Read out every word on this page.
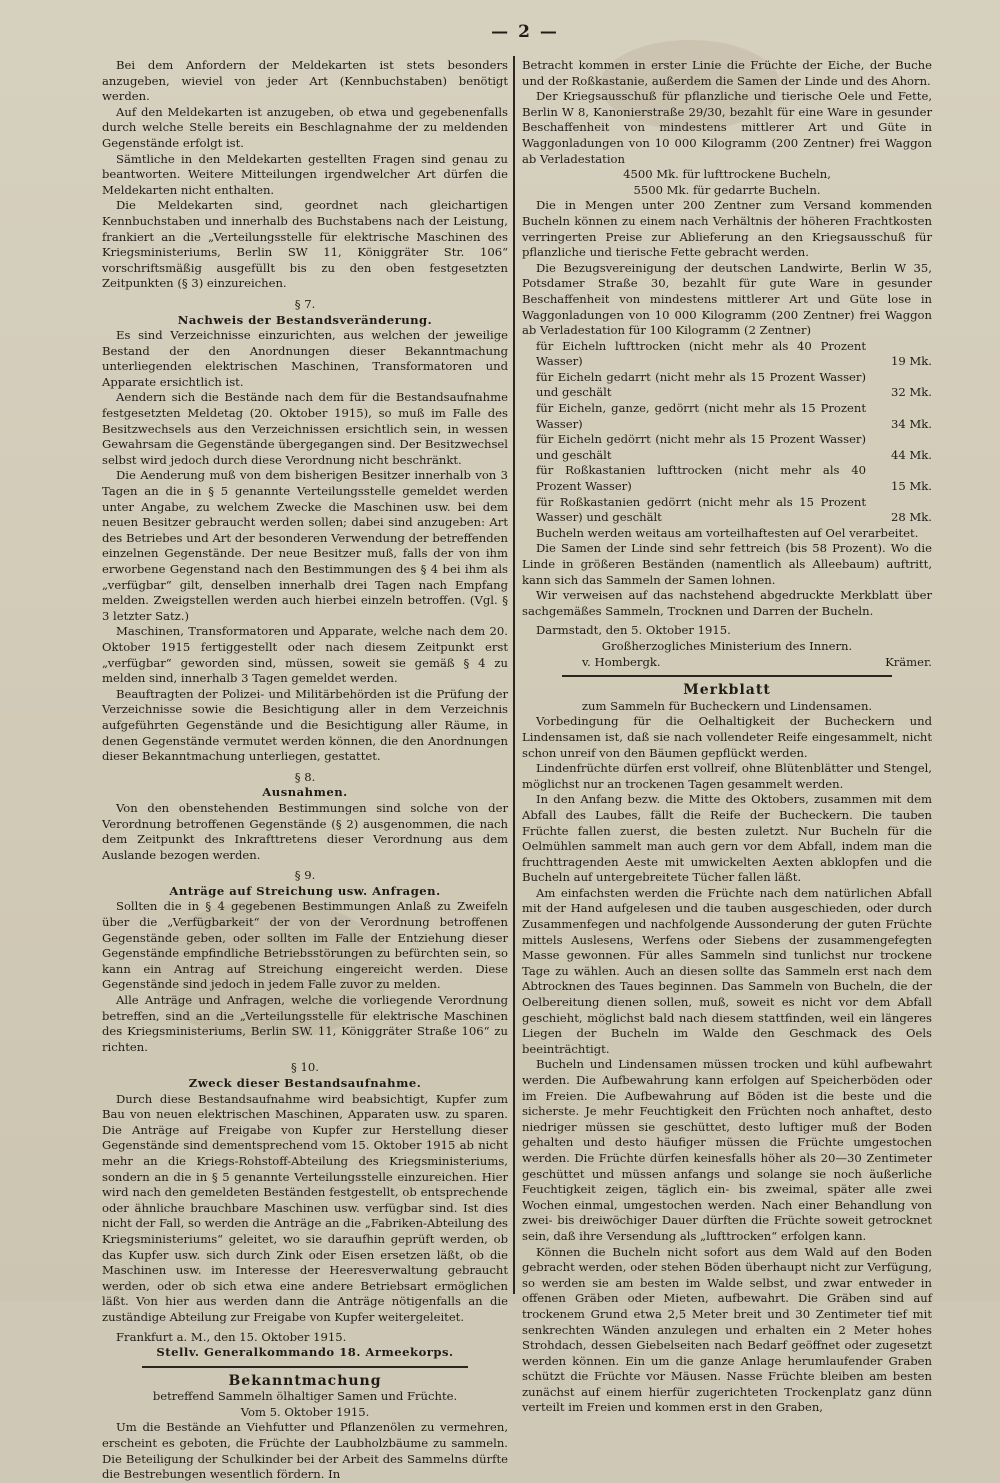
— 2 —

Bei dem Anfordern der Meldekarten ist stets besonders anzugeben, wieviel von jeder Art (Kennbuchstaben) benötigt werden.

Auf den Meldekarten ist anzugeben, ob etwa und gegebenenfalls durch welche Stelle bereits ein Beschlagnahme der zu meldenden Gegenstände erfolgt ist.

Sämtliche in den Meldekarten gestellten Fragen sind genau zu beantworten. Weitere Mitteilungen irgendwelcher Art dürfen die Meldekarten nicht enthalten.

Die Meldekarten sind, geordnet nach gleichartigen Kennbuchstaben und innerhalb des Buchstabens nach der Leistung, frankiert an die „Verteilungsstelle für elektrische Maschinen des Kriegsministeriums, Berlin SW 11, Königgräter Str. 106“ vorschriftsmäßig ausgefüllt bis zu den oben festgesetzten Zeitpunkten (§ 3) einzureichen.

§ 7.
Nachweis der Bestandsveränderung.

Es sind Verzeichnisse einzurichten, aus welchen der jeweilige Bestand der den Anordnungen dieser Bekanntmachung unterliegenden elektrischen Maschinen, Transformatoren und Apparate ersichtlich ist.

Aendern sich die Bestände nach dem für die Bestandsaufnahme festgesetzten Meldetag (20. Oktober 1915), so muß im Falle des Besitzwechsels aus den Verzeichnissen ersichtlich sein, in wessen Gewahrsam die Gegenstände übergegangen sind. Der Besitzwechsel selbst wird jedoch durch diese Verordnung nicht beschränkt.

Die Aenderung muß von dem bisherigen Besitzer innerhalb von 3 Tagen an die in § 5 genannte Verteilungsstelle gemeldet werden unter Angabe, zu welchem Zwecke die Maschinen usw. bei dem neuen Besitzer gebraucht werden sollen; dabei sind anzugeben: Art des Betriebes und Art der besonderen Verwendung der betreffenden einzelnen Gegenstände. Der neue Besitzer muß, falls der von ihm erworbene Gegenstand nach den Bestimmungen des § 4 bei ihm als „verfügbar“ gilt, denselben innerhalb drei Tagen nach Empfang melden. Zweigstellen werden auch hierbei einzeln betroffen. (Vgl. § 3 letzter Satz.)

Maschinen, Transformatoren und Apparate, welche nach dem 20. Oktober 1915 fertiggestellt oder nach diesem Zeitpunkt erst „verfügbar“ geworden sind, müssen, soweit sie gemäß § 4 zu melden sind, innerhalb 3 Tagen gemeldet werden.

Beauftragten der Polizei- und Militärbehörden ist die Prüfung der Verzeichnisse sowie die Besichtigung aller in dem Verzeichnis aufgeführten Gegenstände und die Besichtigung aller Räume, in denen Gegenstände vermutet werden können, die den Anordnungen dieser Bekanntmachung unterliegen, gestattet.

§ 8.
Ausnahmen.

Von den obenstehenden Bestimmungen sind solche von der Verordnung betroffenen Gegenstände (§ 2) ausgenommen, die nach dem Zeitpunkt des Inkrafttretens dieser Verordnung aus dem Auslande bezogen werden.

§ 9.
Anträge auf Streichung usw. Anfragen.

Sollten die in § 4 gegebenen Bestimmungen Anlaß zu Zweifeln über die „Verfügbarkeit“ der von der Verordnung betroffenen Gegenstände geben, oder sollten im Falle der Entziehung dieser Gegenstände empfindliche Betriebsstörungen zu befürchten sein, so kann ein Antrag auf Streichung eingereicht werden. Diese Gegenstände sind jedoch in jedem Falle zuvor zu melden.

Alle Anträge und Anfragen, welche die vorliegende Verordnung betreffen, sind an die „Verteilungsstelle für elektrische Maschinen des Kriegsministeriums, Berlin SW. 11, Königgräter Straße 106“ zu richten.

§ 10.
Zweck dieser Bestandsaufnahme.

Durch diese Bestandsaufnahme wird beabsichtigt, Kupfer zum Bau von neuen elektrischen Maschinen, Apparaten usw. zu sparen. Die Anträge auf Freigabe von Kupfer zur Herstellung dieser Gegenstände sind dementsprechend vom 15. Oktober 1915 ab nicht mehr an die Kriegs-Rohstoff-Abteilung des Kriegsministeriums, sondern an die in § 5 genannte Verteilungsstelle einzureichen. Hier wird nach den gemeldeten Beständen festgestellt, ob entsprechende oder ähnliche brauchbare Maschinen usw. verfügbar sind. Ist dies nicht der Fall, so werden die Anträge an die „Fabriken-Abteilung des Kriegsministeriums“ geleitet, wo sie daraufhin geprüft werden, ob das Kupfer usw. sich durch Zink oder Eisen ersetzen läßt, ob die Maschinen usw. im Interesse der Heeresverwaltung gebraucht werden, oder ob sich etwa eine andere Betriebsart ermöglichen läßt. Von hier aus werden dann die Anträge nötigenfalls an die zuständige Abteilung zur Freigabe von Kupfer weitergeleitet.

Frankfurt a. M., den 15. Oktober 1915.

Stellv. Generalkommando 18. Armeekorps.
Bekanntmachung
betreffend Sammeln ölhaltiger Samen und Früchte.
Vom 5. Oktober 1915.

Um die Bestände an Viehfutter und Pflanzenölen zu vermehren, erscheint es geboten, die Früchte der Laubholzbäume zu sammeln. Die Beteiligung der Schulkinder bei der Arbeit des Sammelns dürfte die Bestrebungen wesentlich fördern. In

Betracht kommen in erster Linie die Früchte der Eiche, der Buche und der Roßkastanie, außerdem die Samen der Linde und des Ahorn.

Der Kriegsausschuß für pflanzliche und tierische Oele und Fette, Berlin W 8, Kanonierstraße 29/30, bezahlt für eine Ware in gesunder Beschaffenheit von mindestens mittlerer Art und Güte in Waggonladungen von 10 000 Kilogramm (200 Zentner) frei Waggon ab Verladestation

4500 Mk. für lufttrockene Bucheln,
5500 Mk. für gedarrte Bucheln.

Die in Mengen unter 200 Zentner zum Versand kommenden Bucheln können zu einem nach Verhältnis der höheren Frachtkosten verringerten Preise zur Ablieferung an den Kriegsausschuß für pflanzliche und tierische Fette gebracht werden.

Die Bezugsvereinigung der deutschen Landwirte, Berlin W 35, Potsdamer Straße 30, bezahlt für gute Ware in gesunder Beschaffenheit von mindestens mittlerer Art und Güte lose in Waggonladungen von 10 000 Kilogramm (200 Zentner) frei Waggon ab Verladestation für 100 Kilogramm (2 Zentner)

für Eicheln lufttrocken (nicht mehr als 40 Prozent Wasser)	19 Mk.
für Eicheln gedarrt (nicht mehr als 15 Prozent Wasser) und geschält	32 Mk.
für Eicheln, ganze, gedörrt (nicht mehr als 15 Prozent Wasser)	34 Mk.
für Eicheln gedörrt (nicht mehr als 15 Prozent Wasser) und geschält	44 Mk.
für Roßkastanien lufttrocken (nicht mehr als 40 Prozent Wasser)	15 Mk.
für Roßkastanien gedörrt (nicht mehr als 15 Prozent Wasser) und geschält	28 Mk.

Bucheln werden weitaus am vorteilhaftesten auf Oel verarbeitet.

Die Samen der Linde sind sehr fettreich (bis 58 Prozent). Wo die Linde in größeren Beständen (namentlich als Alleebaum) auftritt, kann sich das Sammeln der Samen lohnen.

Wir verweisen auf das nachstehend abgedruckte Merkblatt über sachgemäßes Sammeln, Trocknen und Darren der Bucheln.

Darmstadt, den 5. Oktober 1915.

Großherzogliches Ministerium des Innern.
v. Hombergk.	Krämer.
Merkblatt
zum Sammeln für Bucheckern und Lindensamen.

Vorbedingung für die Oelhaltigkeit der Bucheckern und Lindensamen ist, daß sie nach vollendeter Reife eingesammelt, nicht schon unreif von den Bäumen gepflückt werden.

Lindenfrüchte dürfen erst vollreif, ohne Blütenblätter und Stengel, möglichst nur an trockenen Tagen gesammelt werden.

In den Anfang bezw. die Mitte des Oktobers, zusammen mit dem Abfall des Laubes, fällt die Reife der Bucheckern. Die tauben Früchte fallen zuerst, die besten zuletzt. Nur Bucheln für die Oelmühlen sammelt man auch gern vor dem Abfall, indem man die fruchttragenden Aeste mit umwickelten Aexten abklopfen und die Bucheln auf untergebreitete Tücher fallen läßt.

Am einfachsten werden die Früchte nach dem natürlichen Abfall mit der Hand aufgelesen und die tauben ausgeschieden, oder durch Zusammenfegen und nachfolgende Aussonderung der guten Früchte mittels Auslesens, Werfens oder Siebens der zusammengefegten Masse gewonnen. Für alles Sammeln sind tunlichst nur trockene Tage zu wählen. Auch an diesen sollte das Sammeln erst nach dem Abtrocknen des Taues beginnen. Das Sammeln von Bucheln, die der Oelbereitung dienen sollen, muß, soweit es nicht vor dem Abfall geschieht, möglichst bald nach diesem stattfinden, weil ein längeres Liegen der Bucheln im Walde den Geschmack des Oels beeinträchtigt.

Bucheln und Lindensamen müssen trocken und kühl aufbewahrt werden. Die Aufbewahrung kann erfolgen auf Speicherböden oder im Freien. Die Aufbewahrung auf Böden ist die beste und die sicherste. Je mehr Feuchtigkeit den Früchten noch anhaftet, desto niedriger müssen sie geschüttet, desto luftiger muß der Boden gehalten und desto häufiger müssen die Früchte umgestochen werden. Die Früchte dürfen keinesfalls höher als 20—30 Zentimeter geschüttet und müssen anfangs und solange sie noch äußerliche Feuchtigkeit zeigen, täglich ein- bis zweimal, später alle zwei Wochen einmal, umgestochen werden. Nach einer Behandlung von zwei- bis dreiwöchiger Dauer dürften die Früchte soweit getrocknet sein, daß ihre Versendung als „lufttrocken“ erfolgen kann.

Können die Bucheln nicht sofort aus dem Wald auf den Boden gebracht werden, oder stehen Böden überhaupt nicht zur Verfügung, so werden sie am besten im Walde selbst, und zwar entweder in offenen Gräben oder Mieten, aufbewahrt. Die Gräben sind auf trockenem Grund etwa 2,5 Meter breit und 30 Zentimeter tief mit senkrechten Wänden anzulegen und erhalten ein 2 Meter hohes Strohdach, dessen Giebelseiten nach Bedarf geöffnet oder zugesetzt werden können. Ein um die ganze Anlage herumlaufender Graben schützt die Früchte vor Mäusen. Nasse Früchte bleiben am besten zunächst auf einem hierfür zugerichteten Trockenplatz ganz dünn verteilt im Freien und kommen erst in den Graben,
